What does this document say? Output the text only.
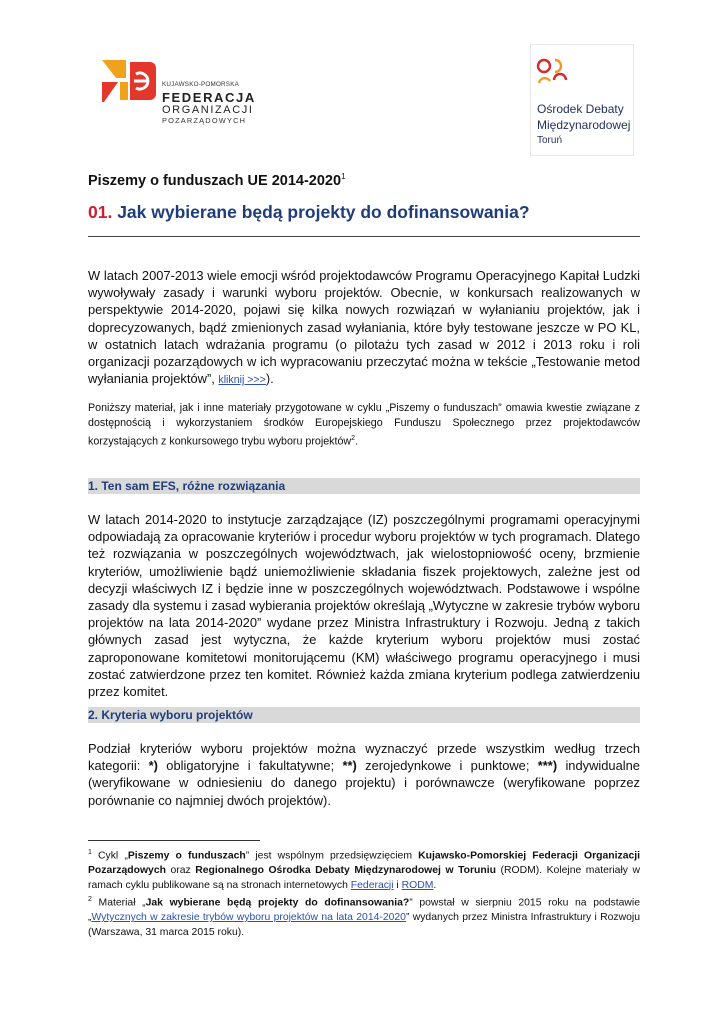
KUJAWSKO-POMORSKA
FEDERACJA
ORGANIZACJI
POZARZĄDOWYCH
Ośrodek Debaty
Międzynarodowej
Toruń
Piszemy o funduszach UE 2014-2020$^1$
01. Jak wybierane będą projekty do dofinansowania?
W latach 2007-2013 wiele emocji wśród projektodawców Programu Operacyjnego Kapitał Ludzki wywoływały zasady i warunki wyboru projektów. Obecnie, w konkursach realizowanych w perspektywie 2014-2020, pojawi się kilka nowych rozwiązań w wyłanianiu projektów, jak i doprecyzowanych, bądź zmienionych zasad wyłaniania, które były testowane jeszcze w PO KL, w ostatnich latach wdrażania programu (o pilotażu tych zasad w 2012 i 2013 roku i roli organizacji pozarządowych w ich wypracowaniu przeczytać można w tekście „Testowanie metod wyłaniania projektów”, kliknij >>>).
Poniższy materiał, jak i inne materiały przygotowane w cyklu „Piszemy o funduszach” omawia kwestie związane z dostępnością i wykorzystaniem środków Europejskiego Funduszu Społecznego przez projektodawców korzystających z konkursowego trybu wyboru projektów$^2$.
1. Ten sam EFS, różne rozwiązania
W latach 2014-2020 to instytucje zarządzające (IZ) poszczególnymi programami operacyjnymi odpowiadają za opracowanie kryteriów i procedur wyboru projektów w tych programach. Dlatego też rozwiązania w poszczególnych województwach, jak wielostopniowość oceny, brzmienie kryteriów, umożliwienie bądź uniemożliwienie składania fiszek projektowych, zależne jest od decyzji właściwych IZ i będzie inne w poszczególnych województwach. Podstawowe i wspólne zasady dla systemu i zasad wybierania projektów określają „Wytyczne w zakresie trybów wyboru projektów na lata 2014-2020” wydane przez Ministra Infrastruktury i Rozwoju. Jedną z takich głównych zasad jest wytyczna, że każde kryterium wyboru projektów musi zostać zaproponowane komitetowi monitorującemu (KM) właściwego programu operacyjnego i musi zostać zatwierdzone przez ten komitet. Również każda zmiana kryterium podlega zatwierdzeniu przez komitet.
2. Kryteria wyboru projektów
Podział kryteriów wyboru projektów można wyznaczyć przede wszystkim według trzech kategorii: *) obligatoryjne i fakultatywne; **) zerojedynkowe i punktowe; ***) indywidualne (weryfikowane w odniesieniu do danego projektu) i porównawcze (weryfikowane poprzez porównanie co najmniej dwóch projektów).
$^1$ Cykl „Piszemy o funduszach” jest wspólnym przedsięwzięciem Kujawsko-Pomorskiej Federacji Organizacji Pozarządowych oraz Regionalnego Ośrodka Debaty Międzynarodowej w Toruniu (RODM). Kolejne materiały w ramach cyklu publikowane są na stronach internetowych Federacji i RODM.
$^2$ Materiał „Jak wybierane będą projekty do dofinansowania?” powstał w sierpniu 2015 roku na podstawie „Wytycznych w zakresie trybów wyboru projektów na lata 2014-2020” wydanych przez Ministra Infrastruktury i Rozwoju (Warszawa, 31 marca 2015 roku).
